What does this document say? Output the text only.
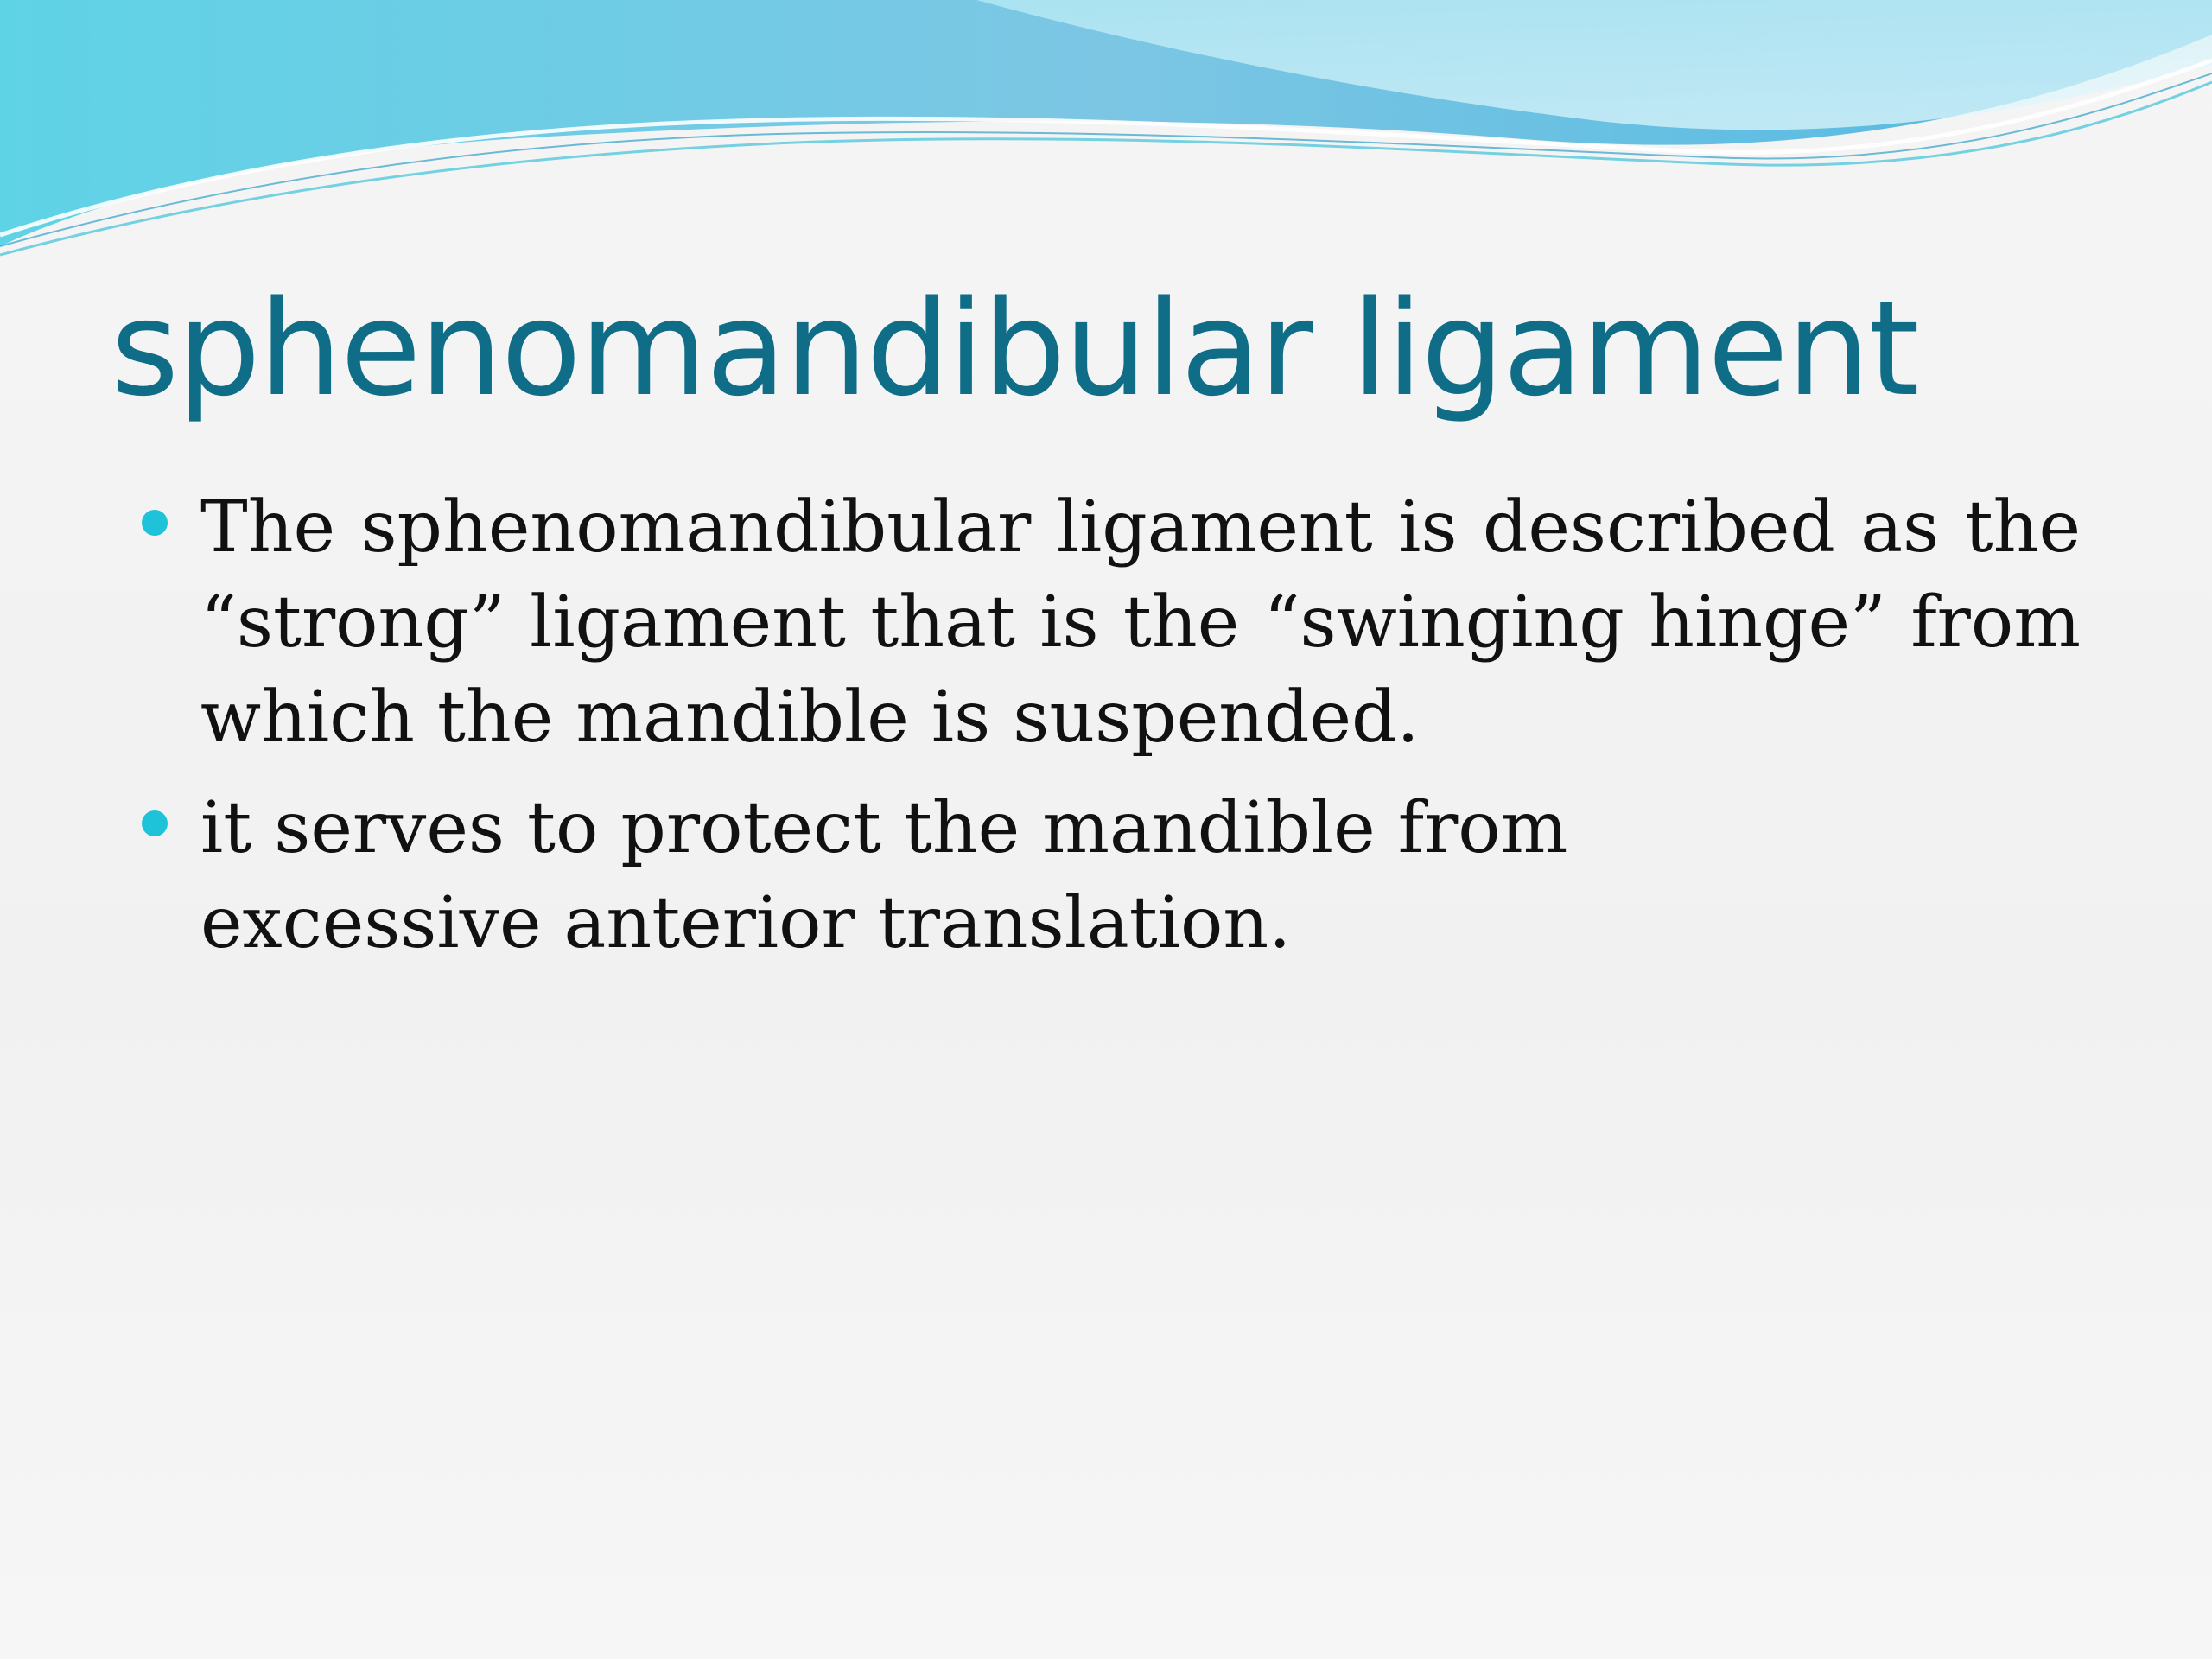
sphenomandibular ligament
The sphenomandibular ligament is described as the “strong” ligament that is the “swinging hinge” from which the mandible is suspended.
it serves to protect the mandible from excessive anterior translation.
